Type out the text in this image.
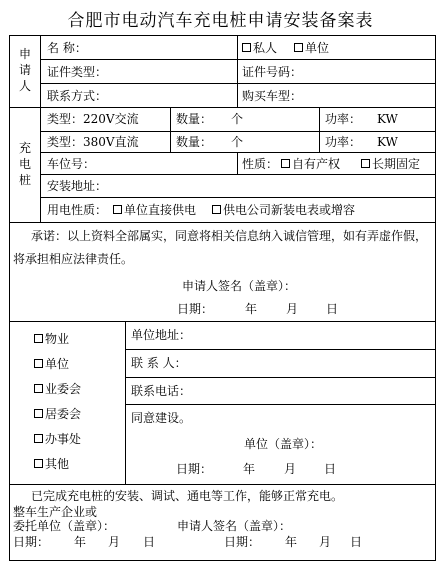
合肥市电动汽车充电桩申请安装备案表
申请人
名 称：	私人	单位
证件类型：	证件号码：
联系方式：	购买车型：
充电桩
类型：220V交流	数量： 个	功率： KW
类型：380V直流	数量： 个	功率： KW
车位号：	性质：	自有产权	长期固定
安装地址：
用电性质：	单位直接供电	供电公司新装电表或增容
承诺：以上资料全部属实，同意将相关信息纳入诚信管理，如有弄虚作假，
将承担相应法律责任。
申请人签名（盖章）：
日期：	年 月 日
物业
单位
业委会
居委会
办事处
其他
单位地址：
联 系 人：
联系电话：
同意建设。
单位（盖章）：
日期：	年 月 日
已完成充电桩的安装、调试、通电等工作，能够正常充电。
整车生产企业或
委托单位（盖章）：	申请人签名（盖章）：
日期： 年 月 日	日期： 年 月 日
